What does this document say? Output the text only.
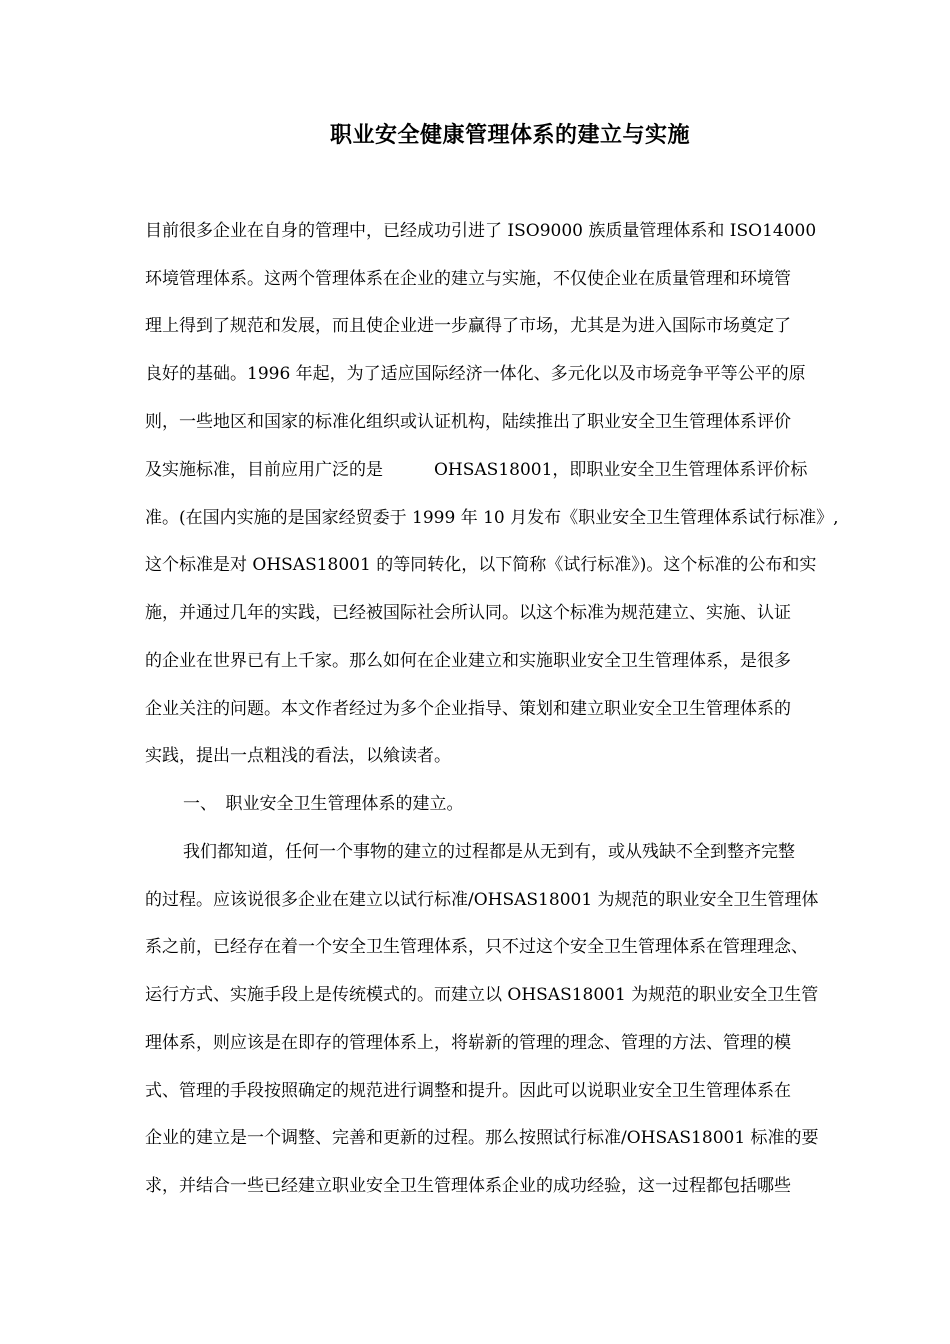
职业安全健康管理体系的建立与实施
目前很多企业在自身的管理中，已经成功引进了 ISO9000 族质量管理体系和 ISO14000
环境管理体系。这两个管理体系在企业的建立与实施，不仅使企业在质量管理和环境管
理上得到了规范和发展，而且使企业进一步赢得了市场，尤其是为进入国际市场奠定了
良好的基础。1996 年起，为了适应国际经济一体化、多元化以及市场竞争平等公平的原
则，一些地区和国家的标准化组织或认证机构，陆续推出了职业安全卫生管理体系评价
及实施标准，目前应用广泛的是　　　OHSAS18001，即职业安全卫生管理体系评价标
准。(在国内实施的是国家经贸委于 1999 年 10 月发布《职业安全卫生管理体系试行标准》,
这个标准是对 OHSAS18001 的等同转化，以下简称《试行标准》)。这个标准的公布和实
施，并通过几年的实践，已经被国际社会所认同。以这个标准为规范建立、实施、认证
的企业在世界已有上千家。那么如何在企业建立和实施职业安全卫生管理体系，是很多
企业关注的问题。本文作者经过为多个企业指导、策划和建立职业安全卫生管理体系的
实践，提出一点粗浅的看法，以飨读者。
一、　职业安全卫生管理体系的建立。
我们都知道，任何一个事物的建立的过程都是从无到有，或从残缺不全到整齐完整
的过程。应该说很多企业在建立以试行标准/OHSAS18001 为规范的职业安全卫生管理体
系之前，已经存在着一个安全卫生管理体系，只不过这个安全卫生管理体系在管理理念、
运行方式、实施手段上是传统模式的。而建立以 OHSAS18001 为规范的职业安全卫生管
理体系，则应该是在即存的管理体系上，将崭新的管理的理念、管理的方法、管理的模
式、管理的手段按照确定的规范进行调整和提升。因此可以说职业安全卫生管理体系在
企业的建立是一个调整、完善和更新的过程。那么按照试行标准/OHSAS18001 标准的要
求，并结合一些已经建立职业安全卫生管理体系企业的成功经验，这一过程都包括哪些
